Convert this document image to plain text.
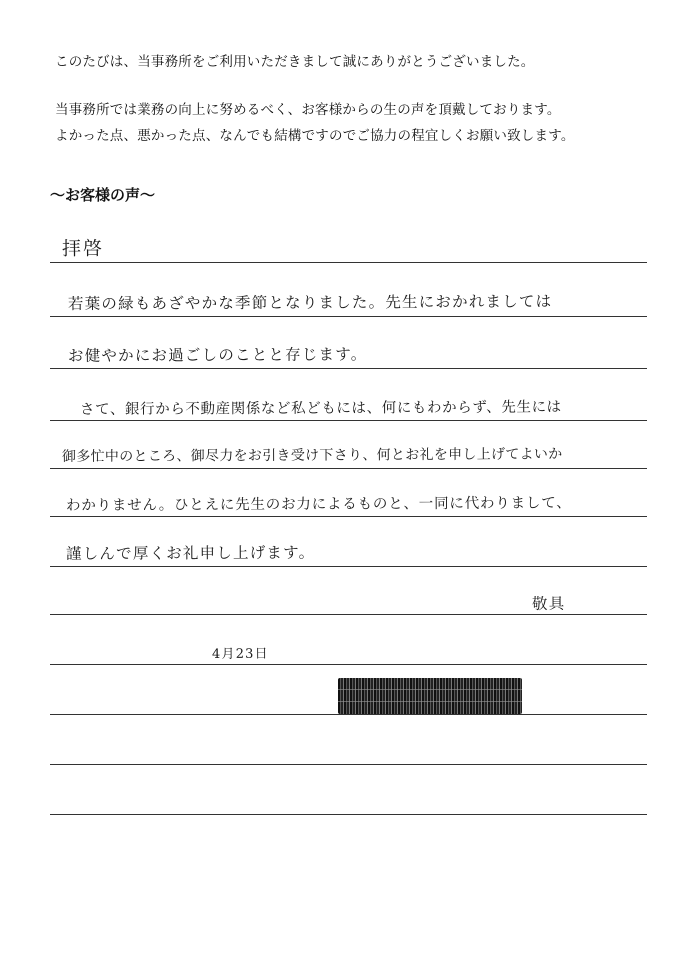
このたびは、当事務所をご利用いただきまして誠にありがとうございました。
当事務所では業務の向上に努めるべく、お客様からの生の声を頂戴しております。
よかった点、悪かった点、なんでも結構ですのでご協力の程宜しくお願い致します。
～お客様の声～
拝啓
若葉の緑もあざやかな季節となりました。先生におかれましては
お健やかにお過ごしのことと存じます。
さて、銀行から不動産関係など私どもには、何にもわからず、先生には
御多忙中のところ、御尽力をお引き受け下さり、何とお礼を申し上げてよいか
わかりません。ひとえに先生のお力によるものと、一同に代わりまして、
謹しんで厚くお礼申し上げます。
敬具
4月23日
